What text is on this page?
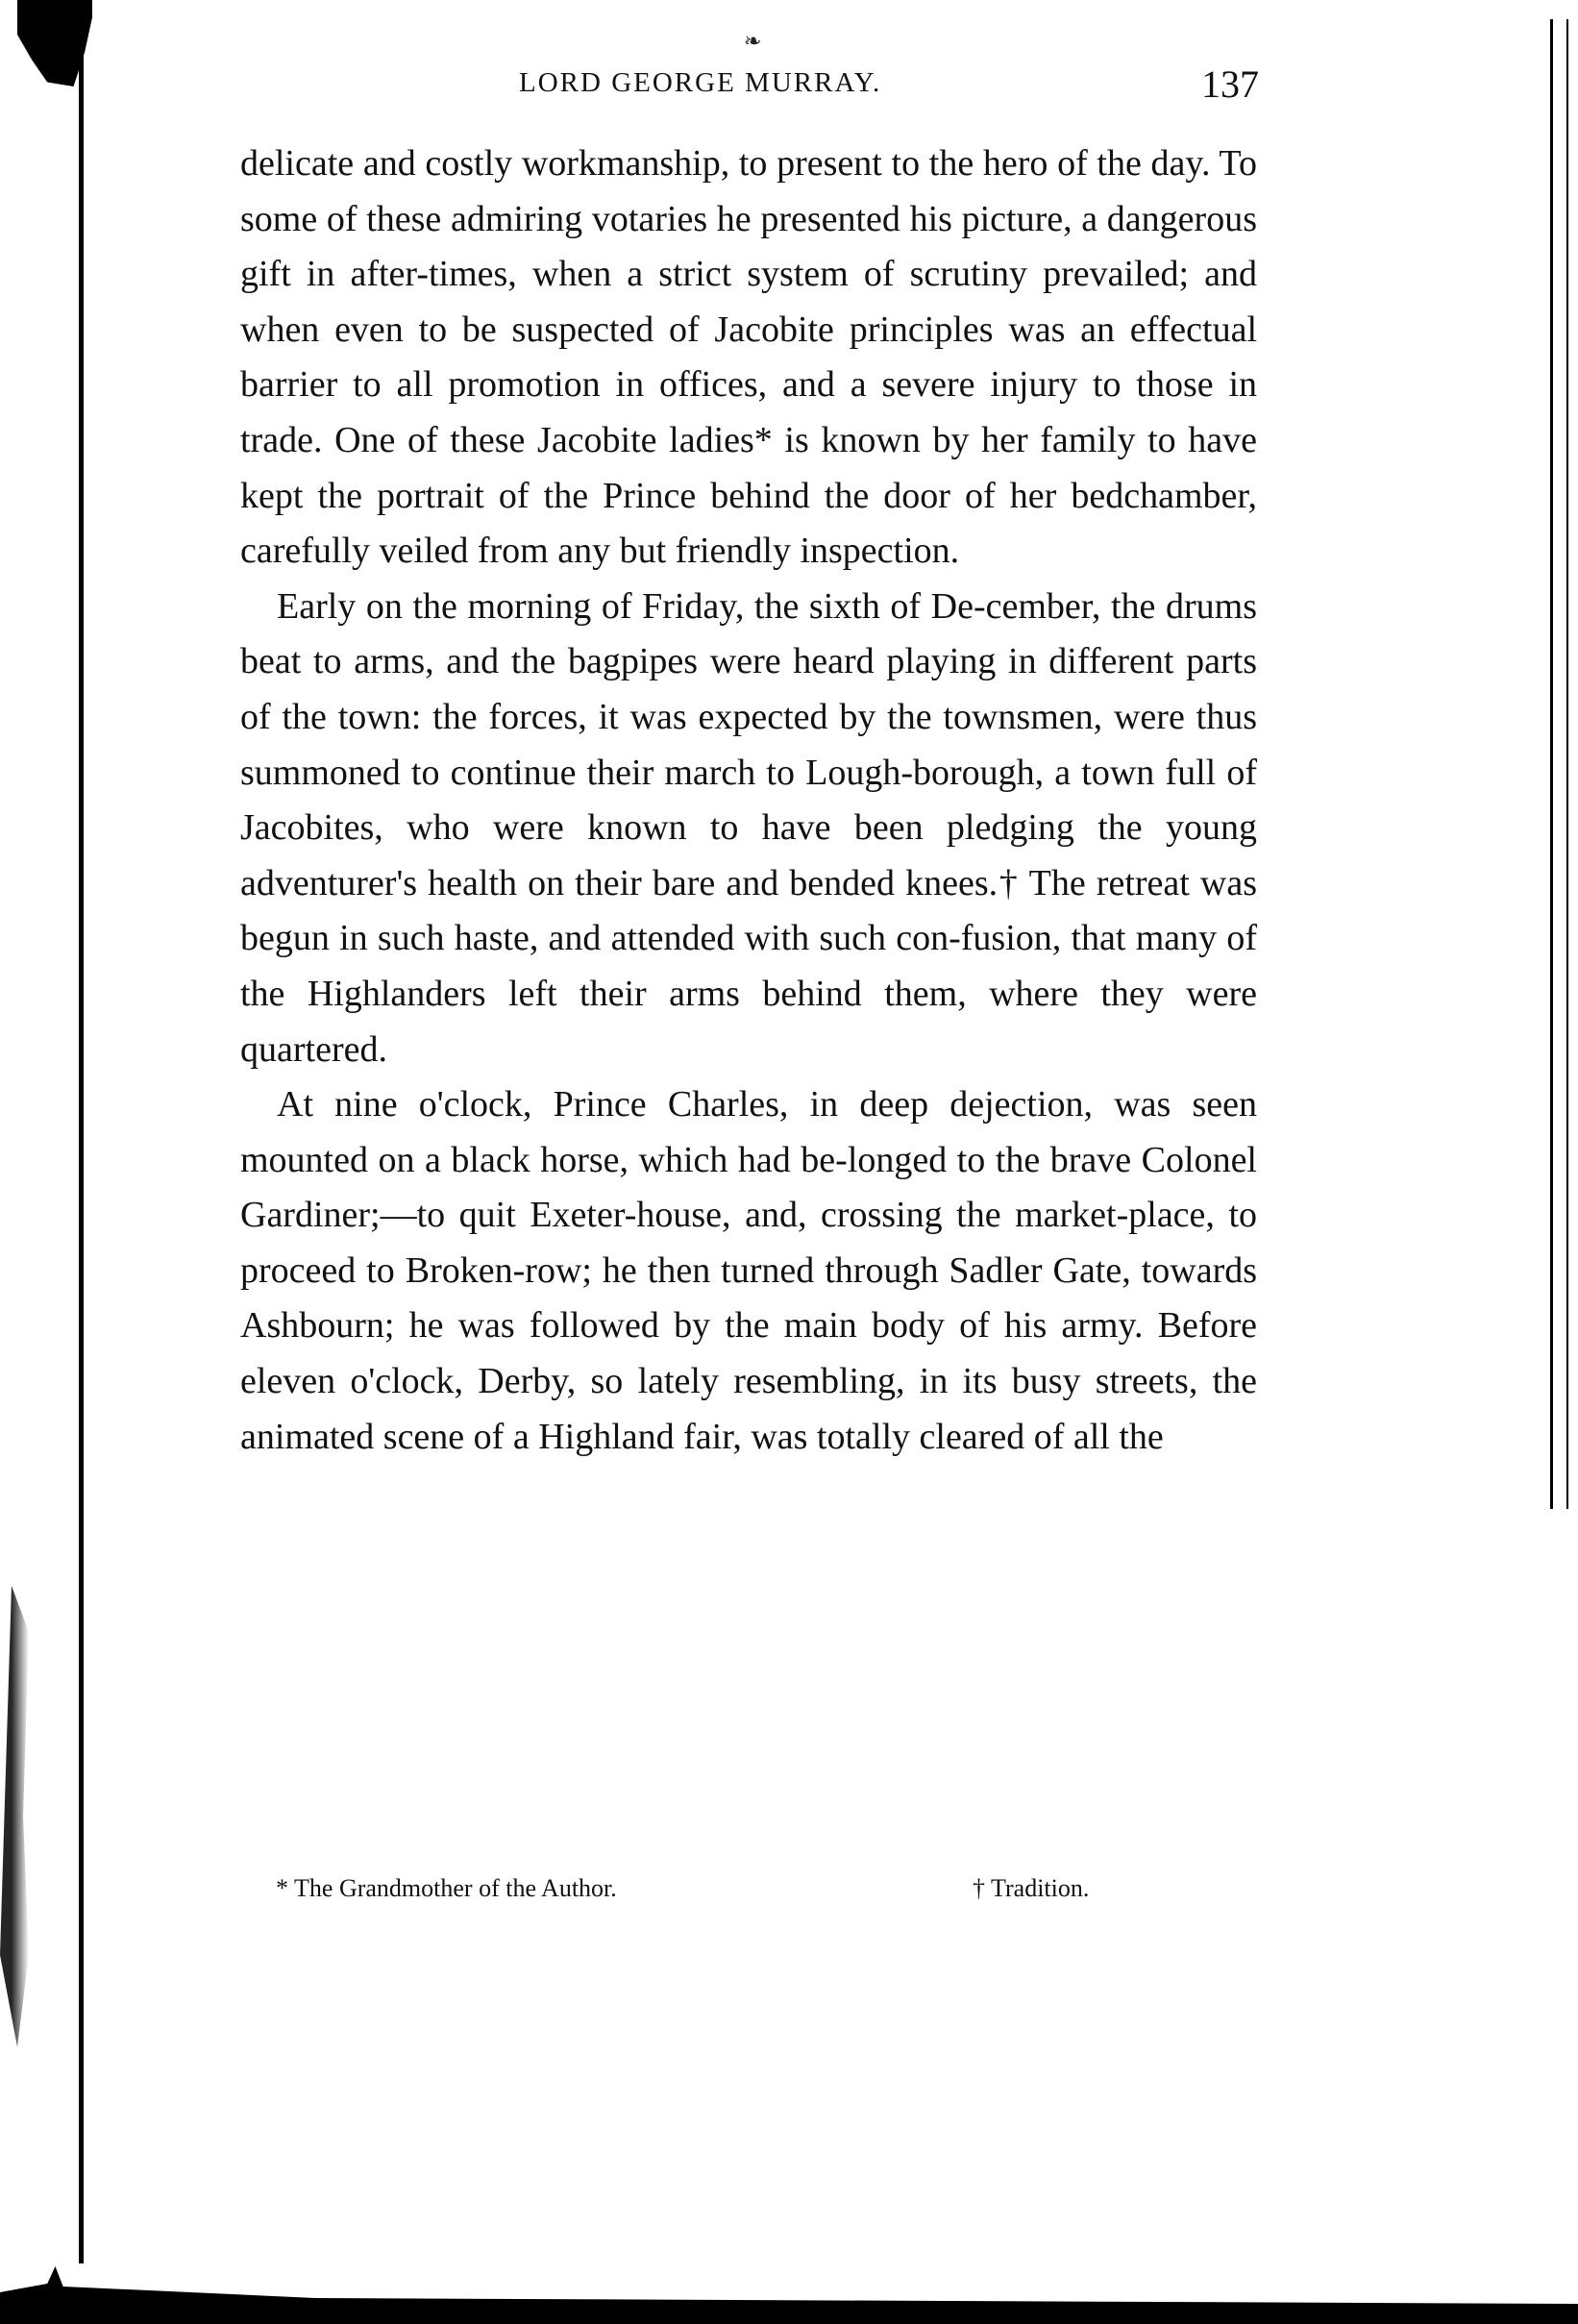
❧
LORD GEORGE MURRAY.	137

delicate and costly workmanship, to present to the hero of the day. To some of these admiring votaries he presented his picture, a dangerous gift in after-times, when a strict system of scrutiny prevailed; and when even to be suspected of Jacobite principles was an effectual barrier to all promotion in offices, and a severe injury to those in trade. One of these Jacobite ladies* is known by her family to have kept the portrait of the Prince behind the door of her bedchamber, carefully veiled from any but friendly inspection.

Early on the morning of Friday, the sixth of De-cember, the drums beat to arms, and the bagpipes were heard playing in different parts of the town: the forces, it was expected by the townsmen, were thus summoned to continue their march to Lough-borough, a town full of Jacobites, who were known to have been pledging the young adventurer's health on their bare and bended knees.† The retreat was begun in such haste, and attended with such con-fusion, that many of the Highlanders left their arms behind them, where they were quartered.

At nine o'clock, Prince Charles, in deep dejection, was seen mounted on a black horse, which had be-longed to the brave Colonel Gardiner;—to quit Exeter-house, and, crossing the market-place, to proceed to Broken-row; he then turned through Sadler Gate, towards Ashbourn; he was followed by the main body of his army. Before eleven o'clock, Derby, so lately resembling, in its busy streets, the animated scene of a Highland fair, was totally cleared of all the

* The Grandmother of the Author.	† Tradition.
